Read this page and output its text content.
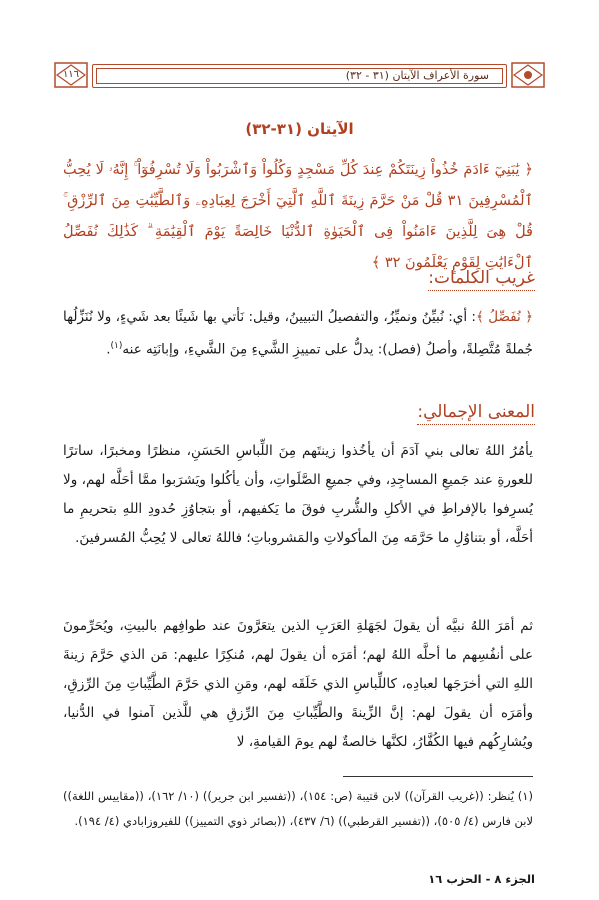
سورة الأعراف الآيتان (٣١ - ٣٢)
١١٦
الآيتان (٣١-٣٢)

﴿ يَٰبَنِيٓ ءَادَمَ خُذُواْ زِينَتَكُمْ عِندَ كُلِّ مَسْجِدٍ وَكُلُواْ وَٱشْرَبُواْ وَلَا تُسْرِفُوٓاْ ۚ إِنَّهُۥ لَا يُحِبُّ ٱلْمُسْرِفِينَ ٣١ قُلْ مَنْ حَرَّمَ زِينَةَ ٱللَّهِ ٱلَّتِيٓ أَخْرَجَ لِعِبَادِهِۦ وَٱلطَّيِّبَٰتِ مِنَ ٱلرِّزْقِ ۚ قُلْ هِىَ لِلَّذِينَ ءَامَنُواْ فِى ٱلْحَيَوٰةِ ٱلدُّنْيَا خَالِصَةً يَوْمَ ٱلْقِيَٰمَةِ ۗ كَذَٰلِكَ نُفَصِّلُ ٱلْءَايَٰتِ لِقَوْمٍ يَعْلَمُونَ ٣٢ ﴾

غريب الكلمات:

﴿ نُفَصِّلُ ﴾: أي: نُبيِّنُ ونميِّزُ، والتفصيلُ التبيينُ، وقيل: نَأتي بها شَيئًا بعد شَيءٍ، ولا نُنَزِّلُها جُملةً مُتَّصِلةً، وأصلُ (فصل): يدلُّ على تمييزِ الشَّيءِ مِنَ الشَّيءِ، وإبانَتِه عنه$^{(١)}$.

المعنى الإجمالي:

يأمُرُ اللهُ تعالى بني آدَمَ أن يأخُذوا زينتَهم مِنَ اللِّباسِ الحَسَنِ، منظرًا ومخبرًا، ساترًا للعورةِ عند جَميعِ المساجِدِ، وفي جميعِ الصَّلَواتِ، وأن يأكُلوا ويَشرَبوا ممَّا أحَلَّه لهم، ولا يُسرِفوا بالإفراطِ في الأكلِ والشُّربِ فوقَ ما يَكفيهم، أو بتجاوُزِ حُدودِ اللهِ بتحريمِ ما أحَلَّه، أو بتناوُلِ ما حَرَّمَه مِنَ المأكولاتِ والمَشروباتِ؛ فاللهُ تعالى لا يُحِبُّ المُسرفينَ.

ثم أمَرَ اللهُ نبيَّه أن يقولَ لجَهَلةِ العَرَبِ الذين يتعَرَّونَ عند طوافِهم بالبيتِ، ويُحَرِّمونَ على أنفُسِهم ما أحلَّه اللهُ لهم؛ أمَرَه أن يقولَ لهم، مُنكِرًا عليهم: مَن الذي حَرَّمَ زينةَ اللهِ التي أخرَجَها لعبادِه، كاللِّباسِ الذي خَلَقَه لهم، ومَنِ الذي حَرَّمَ الطَّيِّباتِ مِنَ الرِّزقِ، وأمَرَه أن يقولَ لهم: إنَّ الزِّينةَ والطَّيِّباتِ مِنَ الرِّزقِ هي للَّذين آمنوا في الدُّنيا، ويُشارِكُهم فيها الكُفَّارُ، لكنَّها خالصةٌ لهم يومَ القيامةِ، لا

(١) يُنظر: ((غريب القرآن)) لابن قتيبة (ص: ١٥٤)، ((تفسير ابن جرير)) (١٠/ ١٦٢)، ((مقاييس اللغة)) لابن فارس (٤/ ٥٠٥)، ((تفسير القرطبي)) (٦/ ٤٣٧)، ((بصائر ذوي التمييز)) للفيروزابادي (٤/ ١٩٤).

الجزء ٨ - الحزب ١٦
